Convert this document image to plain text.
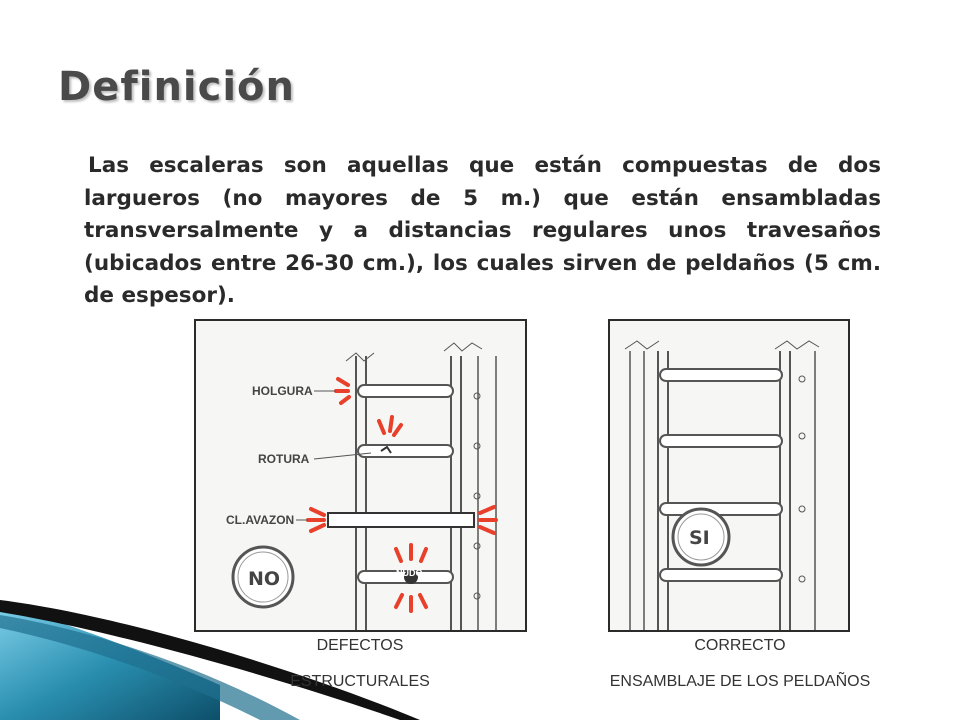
Definición

Las escaleras son aquellas que están compuestas de dos largueros (no mayores de 5 m.) que están ensambladas transversalmente y a distancias regulares unos travesaños (ubicados entre 26-30 cm.), los cuales sirven de peldaños (5 cm. de espesor).

HOLGURA
ROTURA
CL.AVAZON
NUDO
NO
SI
DEFECTOS
ESTRUCTURALES
CORRECTO
ENSAMBLAJE DE LOS PELDAÑOS
